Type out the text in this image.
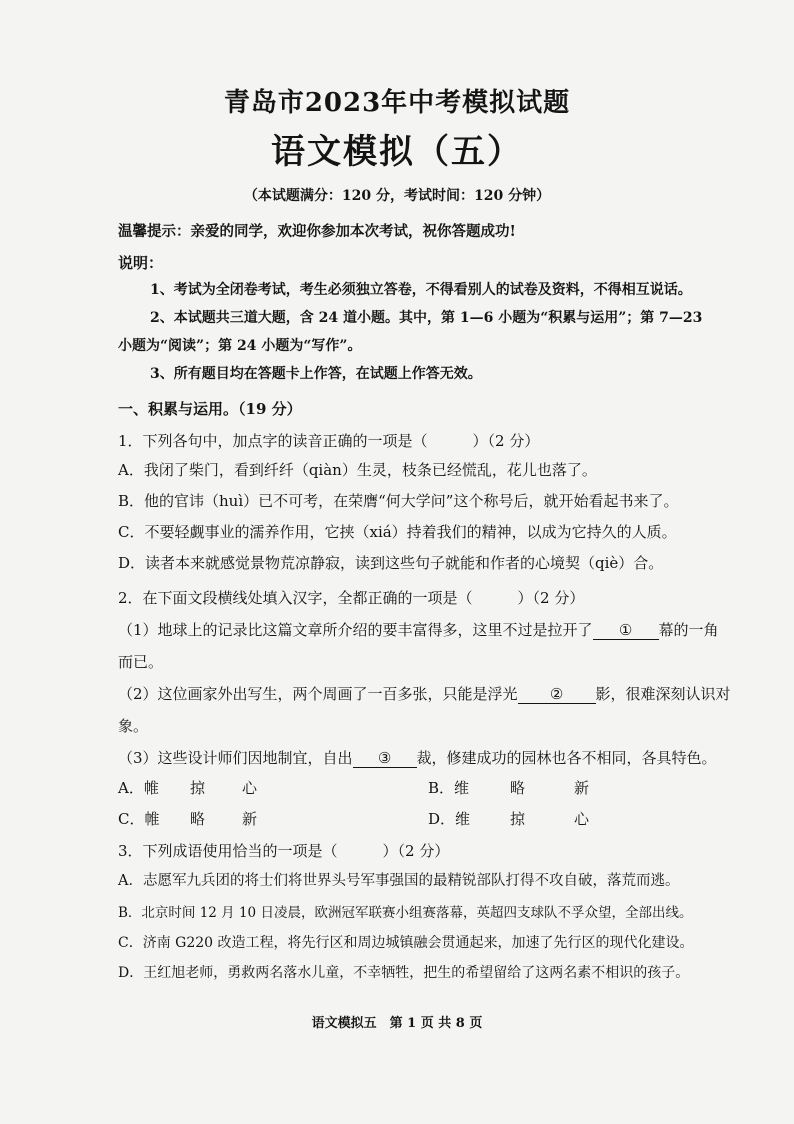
青岛市2023年中考模拟试题
语文模拟（五）
（本试题满分：120 分，考试时间：120 分钟）
温馨提示：亲爱的同学，欢迎你参加本次考试，祝你答题成功!
说明：
1、考试为全闭卷考试，考生必须独立答卷，不得看别人的试卷及资料，不得相互说话。
2、本试题共三道大题，含 24 道小题。其中，第 1—6 小题为“积累与运用”；第 7—23
小题为“阅读”；第 24 小题为“写作”。
3、所有题目均在答题卡上作答，在试题上作答无效。
一、积累与运用。（19 分）
1．下列各句中，加点字的读音正确的一项是（　　　）（2 分）
A．我闭了柴门，看到纤纤（qiàn）生灵，枝条已经慌乱，花儿也落了。
B．他的官讳（huì）已不可考，在荣膺“何大学问”这个称号后，就开始看起书来了。
C．不要轻觑事业的濡养作用，它挟（xiá）持着我们的精神，以成为它持久的人质。
D．读者本来就感觉景物荒凉静寂，读到这些句子就能和作者的心境契（qiè）合。
2．在下面文段横线处填入汉字，全都正确的一项是（　　　）（2 分）
（1）地球上的记录比这篇文章所介绍的要丰富得多，这里不过是拉开了 ① 幕的一角
而已。
（2）这位画家外出写生，两个周画了一百多张，只能是浮光 ② 影，很难深刻认识对
象。
（3）这些设计师们因地制宜，自出 ③ 裁，修建成功的园林也各不相同，各具特色。
A．帷 掠 心	B．维	略	新
C．帷 略 新	D．维	掠	心
3．下列成语使用恰当的一项是（　　　）（2 分）
A．志愿军九兵团的将士们将世界头号军事强国的最精锐部队打得不攻自破，落荒而逃。
B．北京时间 12 月 10 日凌晨，欧洲冠军联赛小组赛落幕，英超四支球队不孚众望，全部出线。
C．济南 G220 改造工程，将先行区和周边城镇融会贯通起来，加速了先行区的现代化建设。
D．王红旭老师，勇救两名落水儿童，不幸牺牲，把生的希望留给了这两名素不相识的孩子。
语文模拟五　第 1 页 共 8 页
